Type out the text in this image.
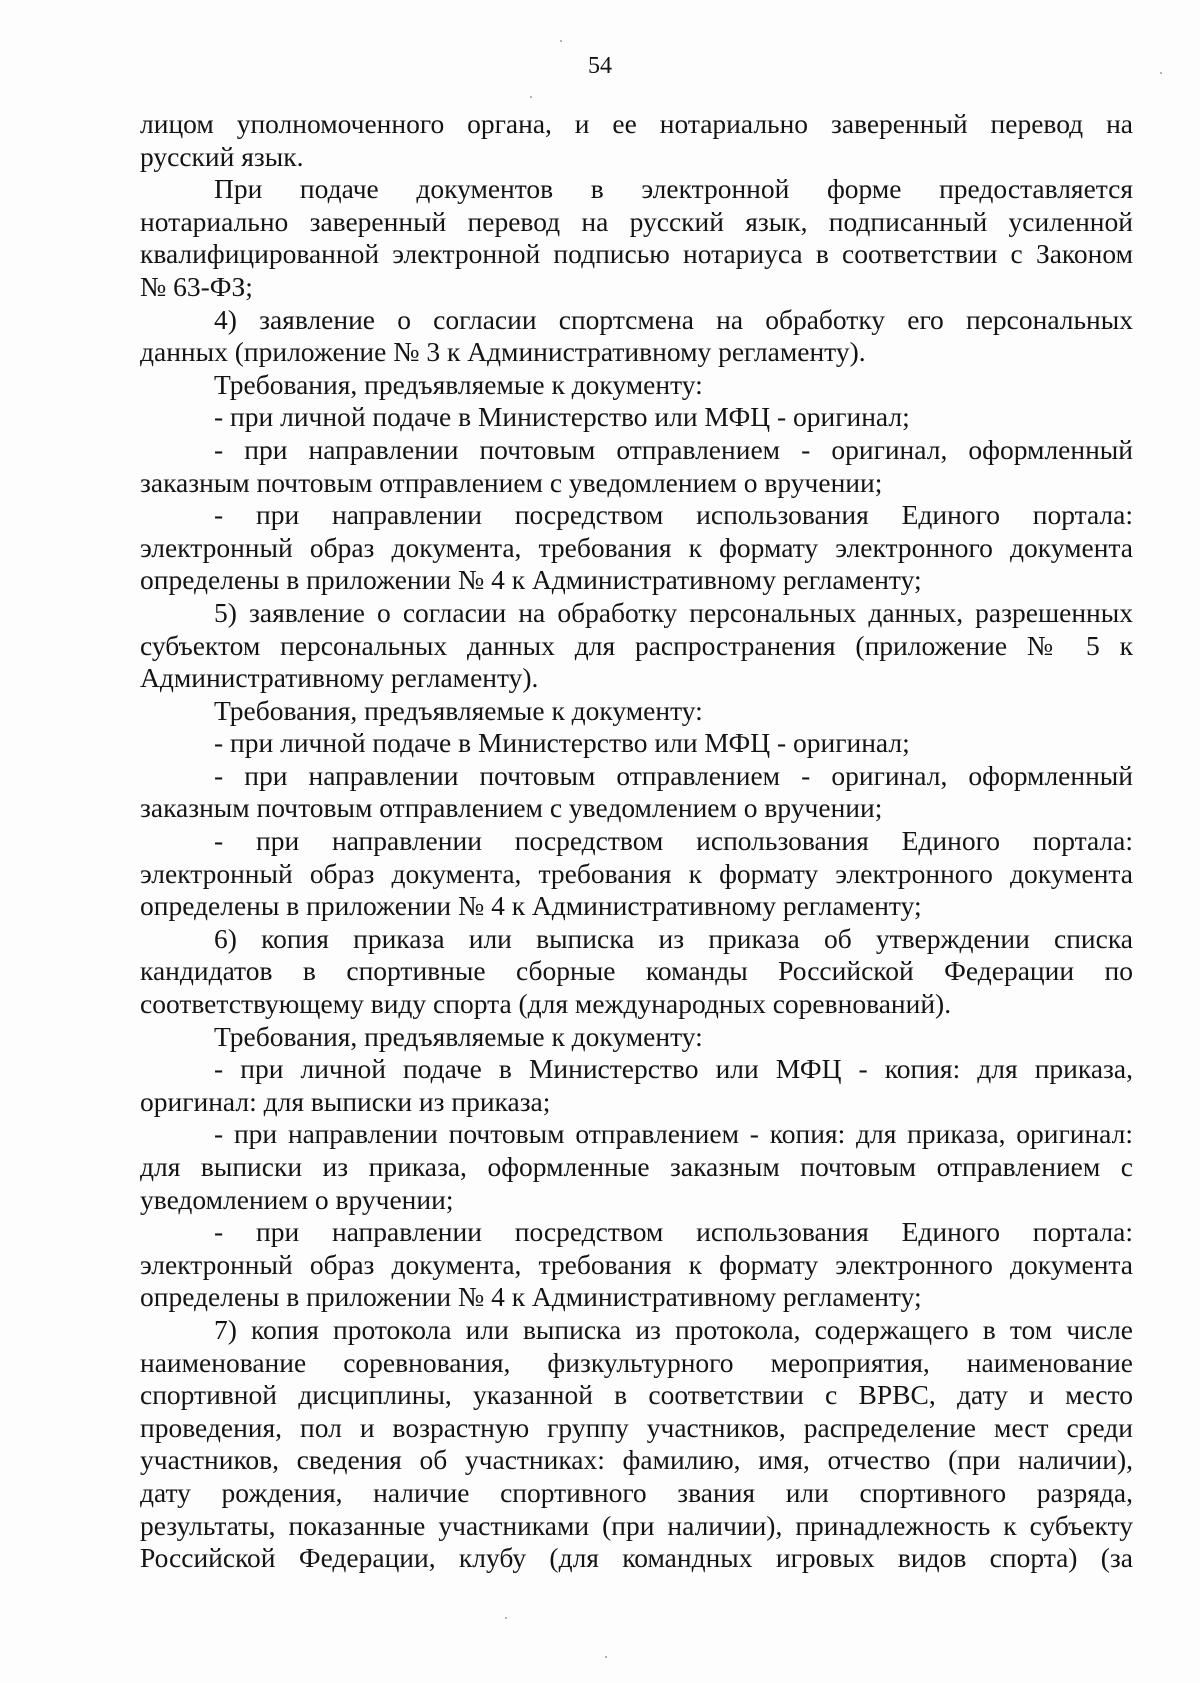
54
лицом уполномоченного органа, и ее нотариально заверенный перевод на
русский язык.
При подаче документов в электронной форме предоставляется
нотариально заверенный перевод на русский язык, подписанный усиленной
квалифицированной электронной подписью нотариуса в соответствии с Законом
№ 63-ФЗ;
4) заявление о согласии спортсмена на обработку его персональных
данных (приложение № 3 к Административному регламенту).
Требования, предъявляемые к документу:
- при личной подаче в Министерство или МФЦ - оригинал;
- при направлении почтовым отправлением - оригинал, оформленный
заказным почтовым отправлением с уведомлением о вручении;
- при направлении посредством использования Единого портала:
электронный образ документа, требования к формату электронного документа
определены в приложении № 4 к Административному регламенту;
5) заявление о согласии на обработку персональных данных, разрешенных
субъектом персональных данных для распространения (приложение № 5 к
Административному регламенту).
Требования, предъявляемые к документу:
- при личной подаче в Министерство или МФЦ - оригинал;
- при направлении почтовым отправлением - оригинал, оформленный
заказным почтовым отправлением с уведомлением о вручении;
- при направлении посредством использования Единого портала:
электронный образ документа, требования к формату электронного документа
определены в приложении № 4 к Административному регламенту;
6) копия приказа или выписка из приказа об утверждении списка
кандидатов в спортивные сборные команды Российской Федерации по
соответствующему виду спорта (для международных соревнований).
Требования, предъявляемые к документу:
- при личной подаче в Министерство или МФЦ - копия: для приказа,
оригинал: для выписки из приказа;
- при направлении почтовым отправлением - копия: для приказа, оригинал:
для выписки из приказа, оформленные заказным почтовым отправлением с
уведомлением о вручении;
- при направлении посредством использования Единого портала:
электронный образ документа, требования к формату электронного документа
определены в приложении № 4 к Административному регламенту;
7) копия протокола или выписка из протокола, содержащего в том числе
наименование соревнования, физкультурного мероприятия, наименование
спортивной дисциплины, указанной в соответствии с ВРВС, дату и место
проведения, пол и возрастную группу участников, распределение мест среди
участников, сведения об участниках: фамилию, имя, отчество (при наличии),
дату рождения, наличие спортивного звания или спортивного разряда,
результаты, показанные участниками (при наличии), принадлежность к субъекту
Российской Федерации, клубу (для командных игровых видов спорта) (за
